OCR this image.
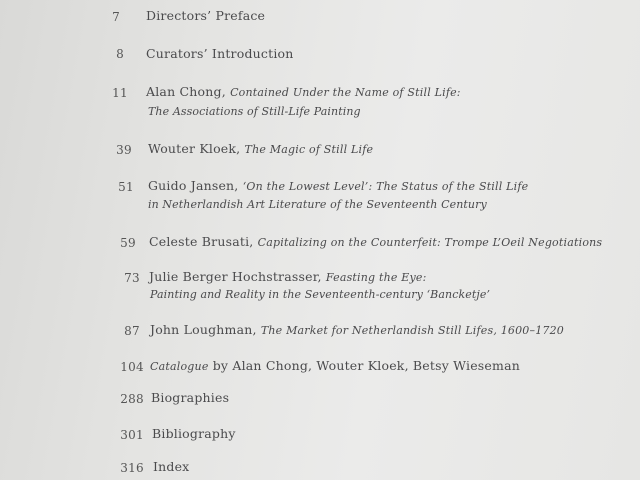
7 Directors’ Preface
8 Curators’ Introduction
11 Alan Chong, Contained Under the Name of Still Life:
The Associations of Still-Life Painting
39 Wouter Kloek, The Magic of Still Life
51 Guido Jansen, ‘On the Lowest Level’: The Status of the Still Life
in Netherlandish Art Literature of the Seventeenth Century
59 Celeste Brusati, Capitalizing on the Counterfeit: Trompe L’Oeil Negotiations
73 Julie Berger Hochstrasser, Feasting the Eye:
Painting and Reality in the Seventeenth-century ‘Bancketje’
87 John Loughman, The Market for Netherlandish Still Lifes, 1600–1720
104 Catalogue by Alan Chong, Wouter Kloek, Betsy Wieseman
288 Biographies
301 Bibliography
316 Index
